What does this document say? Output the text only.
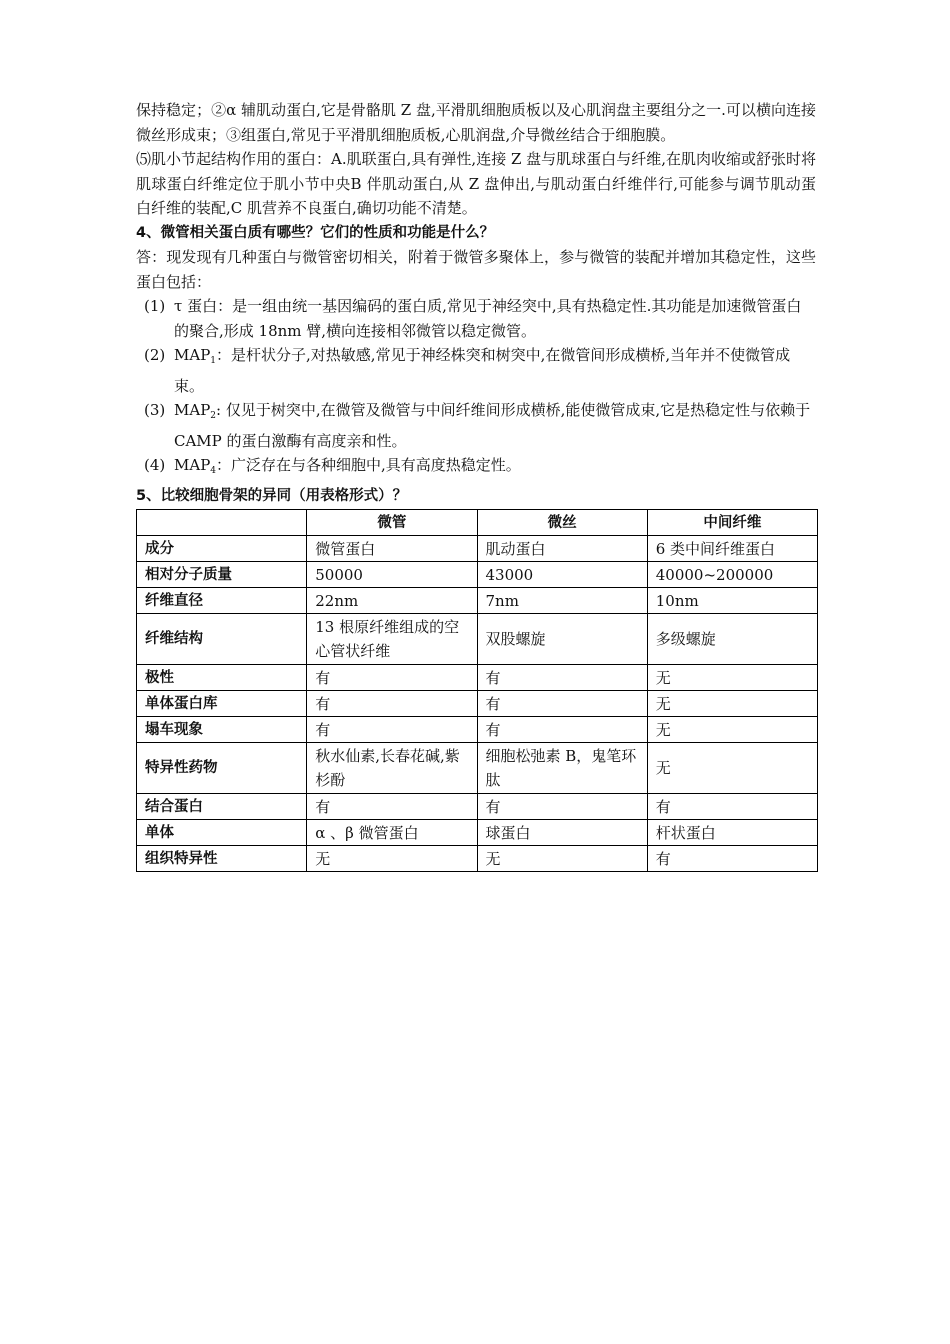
保持稳定；②α 辅肌动蛋白,它是骨骼肌 Z 盘,平滑肌细胞质板以及心肌润盘主要组分之一.可以横向连接微丝形成束；③组蛋白,常见于平滑肌细胞质板,心肌润盘,介导微丝结合于细胞膜。

⑸肌小节起结构作用的蛋白：A.肌联蛋白,具有弹性,连接 Z 盘与肌球蛋白与纤维,在肌肉收缩或舒张时将肌球蛋白纤维定位于肌小节中央B 伴肌动蛋白,从 Z 盘伸出,与肌动蛋白纤维伴行,可能参与调节肌动蛋白纤维的装配,C 肌营养不良蛋白,确切功能不清楚。

4、微管相关蛋白质有哪些？它们的性质和功能是什么？

答：现发现有几种蛋白与微管密切相关，附着于微管多聚体上，参与微管的装配并增加其稳定性，这些蛋白包括：

(1) τ 蛋白：是一组由统一基因编码的蛋白质,常见于神经突中,具有热稳定性.其功能是加速微管蛋白的聚合,形成 18nm 臂,横向连接相邻微管以稳定微管。

(2) $MAP_1$：是杆状分子,对热敏感,常见于神经株突和树突中,在微管间形成横桥,当年并不使微管成束。

(3) $MAP_2$: 仅见于树突中,在微管及微管与中间纤维间形成横桥,能使微管成束,它是热稳定性与依赖于 CAMP 的蛋白激酶有高度亲和性。

(4) $MAP_4$：广泛存在与各种细胞中,具有高度热稳定性。

5、比较细胞骨架的异同（用表格形式）？

	微管	微丝	中间纤维
成分	微管蛋白	肌动蛋白	6 类中间纤维蛋白
相对分子质量	50000	43000	40000~200000
纤维直径	22nm	7nm	10nm
纤维结构	13 根原纤维组成的空心管状纤维	双股螺旋	多级螺旋
极性	有	有	无
单体蛋白库	有	有	无
塌车现象	有	有	无
特异性药物	秋水仙素,长春花碱,紫杉酚	细胞松弛素 B，鬼笔环肽	无
结合蛋白	有	有	有
单体	α 、β 微管蛋白	球蛋白	杆状蛋白
组织特异性	无	无	有
